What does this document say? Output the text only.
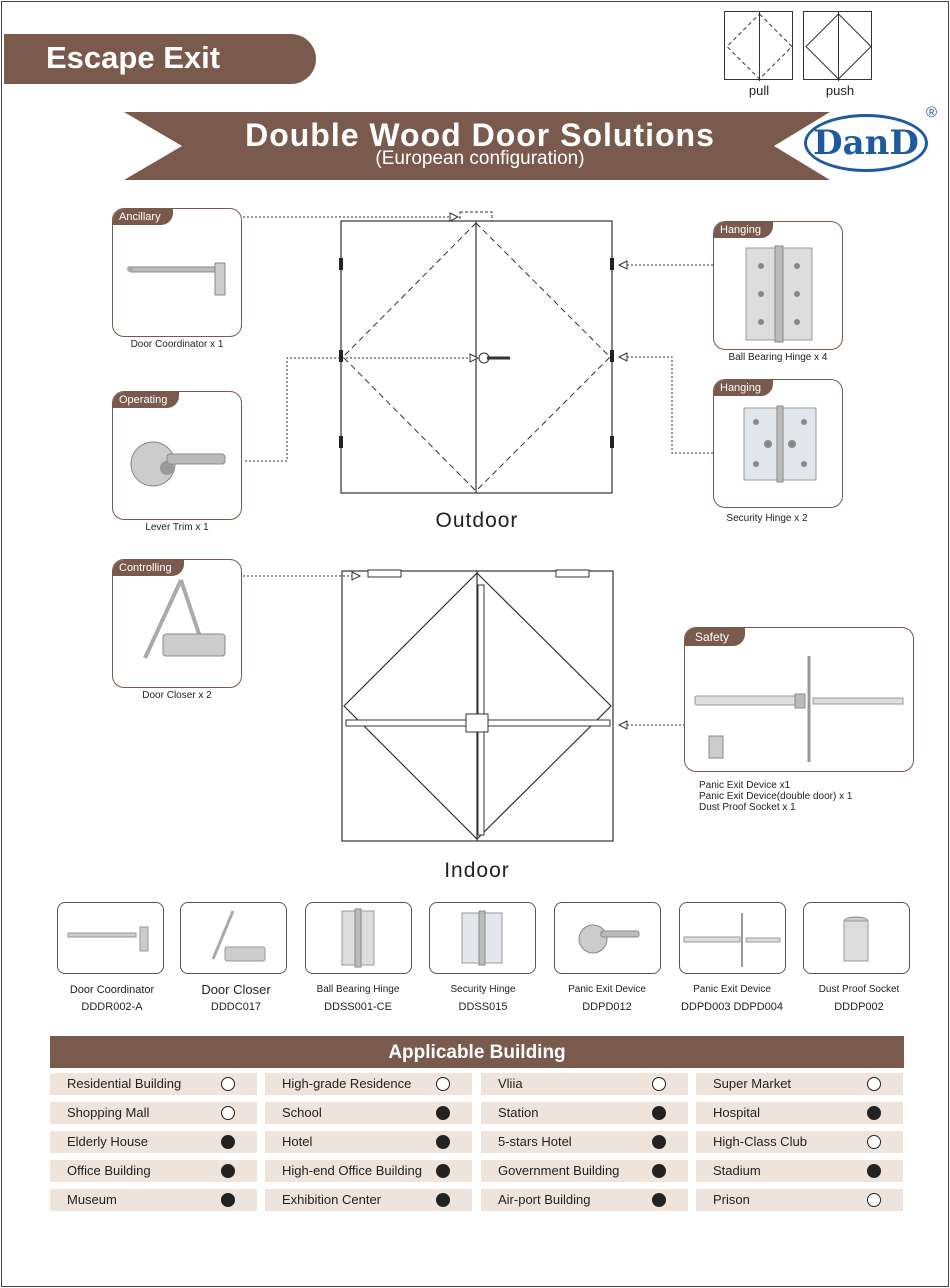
Escape Exit
pull	push
Double Wood Door Solutions
(European configuration)	DanD
®
Outdoor
Indoor
Ancillary
Door Coordinator x 1
Operating
Lever Trim x 1
Controlling
Door Closer x 2
Hanging
Ball Bearing Hinge x 4
Hanging
Security Hinge x 2
Safety
Panic Exit Device x1
Panic Exit Device(double door) x 1
Dust Proof Socket x 1
Door Coordinator
DDDR002-A
Door Closer
DDDC017
Ball Bearing Hinge
DDSS001-CE
Security Hinge
DDSS015
Panic Exit Device
DDPD012
Panic Exit Device
DDPD003 DDPD004
Dust Proof Socket
DDDP002
Applicable Building
Residential Building	High-grade Residence	Vliia	Super Market
Shopping Mall	School	Station	Hospital
Elderly House	Hotel	5-stars Hotel	High-Class Club
Office Building	High-end Office Building	Government Building	Stadium
Museum	Exhibition Center	Air-port Building	Prison
